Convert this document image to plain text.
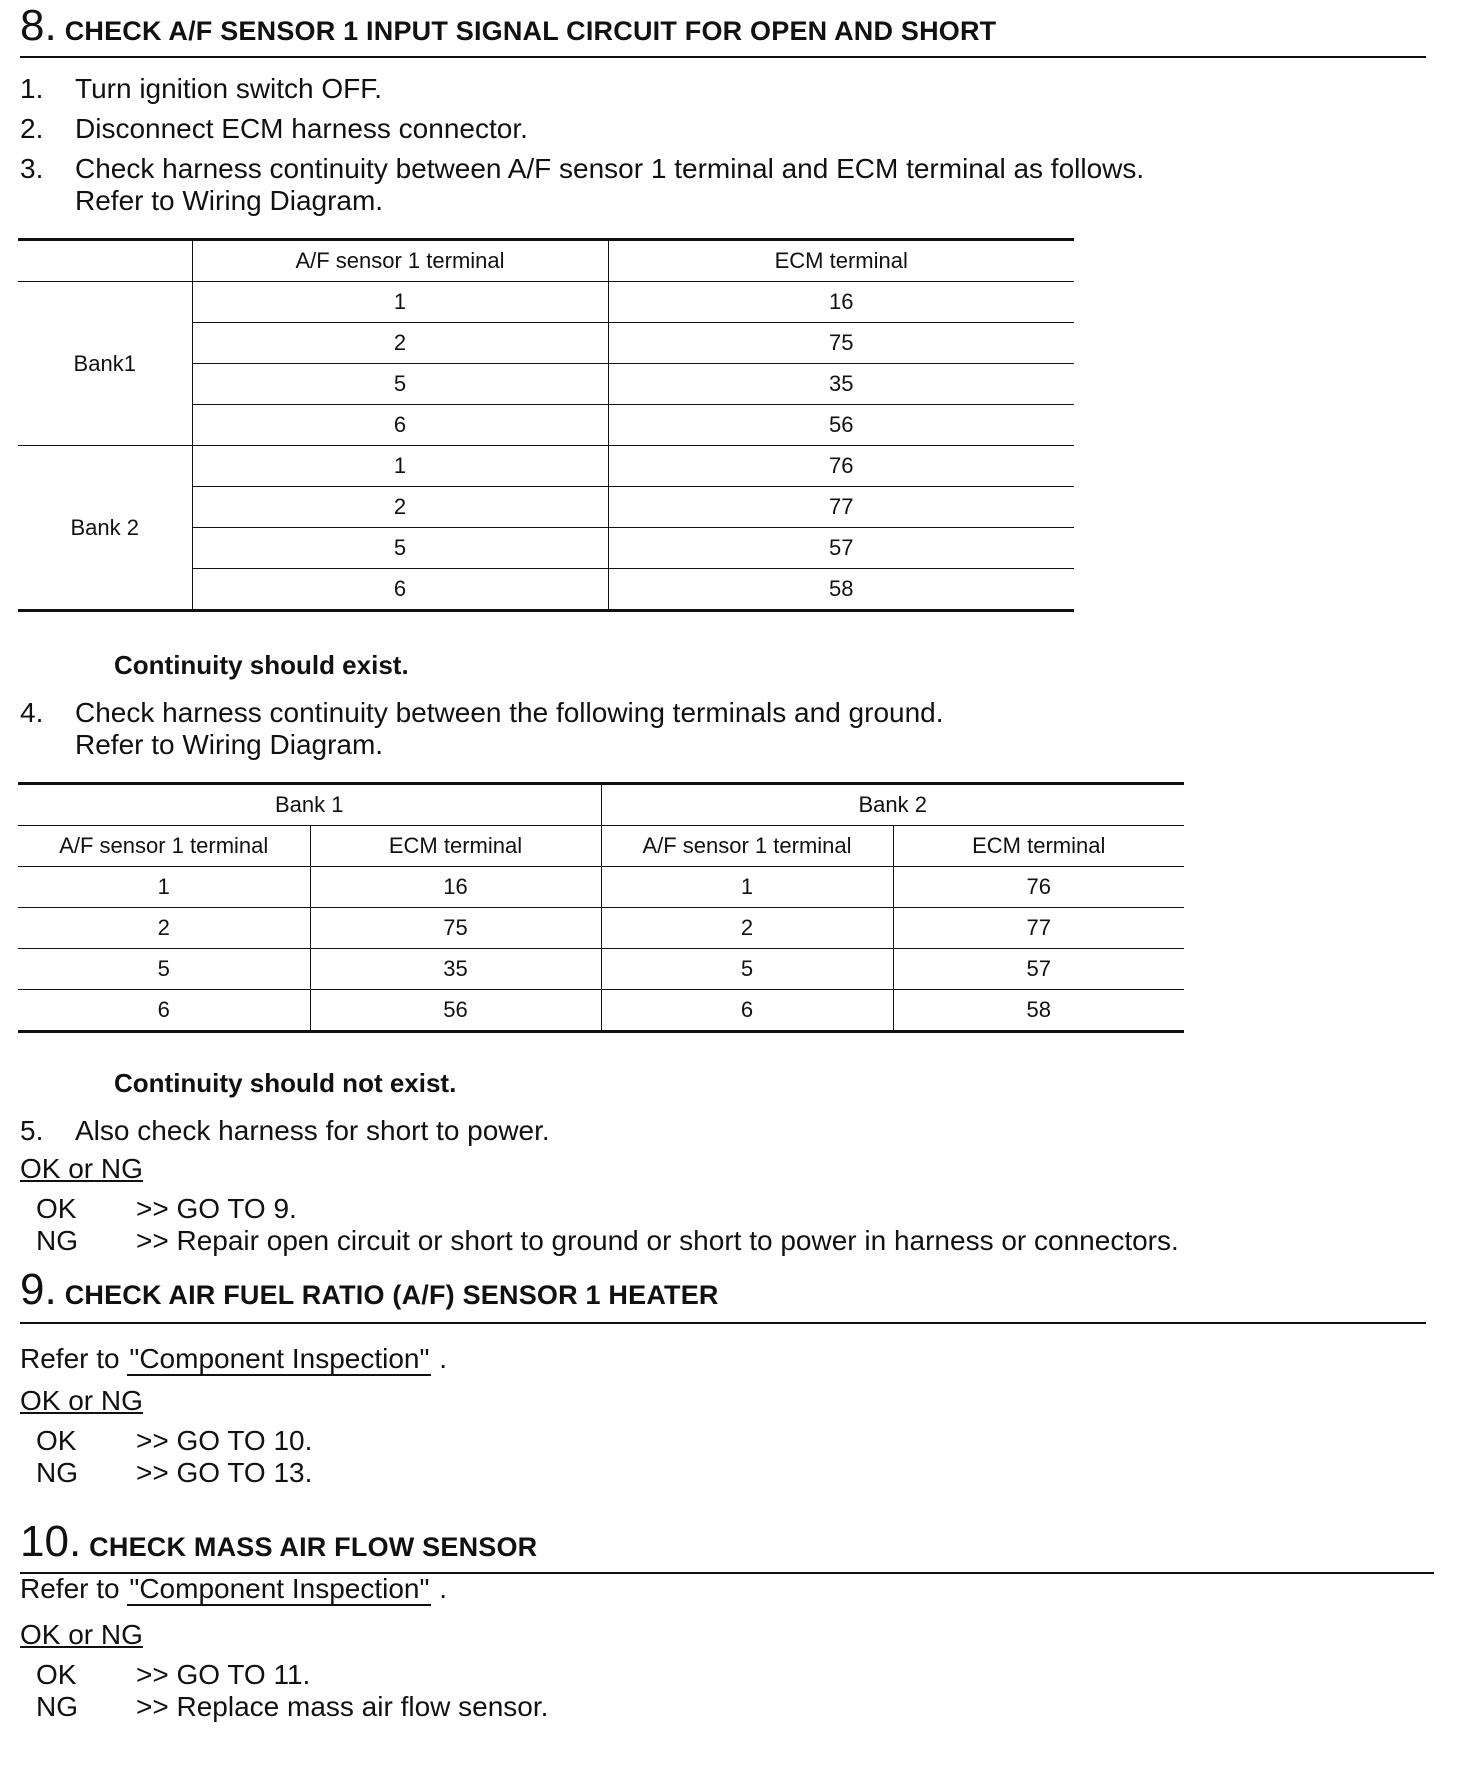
8. CHECK A/F SENSOR 1 INPUT SIGNAL CIRCUIT FOR OPEN AND SHORT
1. Turn ignition switch OFF.
2. Disconnect ECM harness connector.
3. Check harness continuity between A/F sensor 1 terminal and ECM terminal as follows.
Refer to Wiring Diagram.
	A/F sensor 1 terminal	ECM terminal
Bank1	1	16
	2	75
	5	35
	6	56
Bank 2	1	76
	2	77
	5	57
	6	58
Continuity should exist.
4. Check harness continuity between the following terminals and ground.
Refer to Wiring Diagram.
Bank 1		Bank 2	
A/F sensor 1 terminal	ECM terminal	A/F sensor 1 terminal	ECM terminal
1	16	1	76
2	75	2	77
5	35	5	57
6	56	6	58
Continuity should not exist.
5. Also check harness for short to power.
OK or NG
OK >> GO TO 9.
NG >> Repair open circuit or short to ground or short to power in harness or connectors.
9. CHECK AIR FUEL RATIO (A/F) SENSOR 1 HEATER
Refer to "Component Inspection" .
OK or NG
OK >> GO TO 10.
NG >> GO TO 13.
10. CHECK MASS AIR FLOW SENSOR
Refer to "Component Inspection" .
OK or NG
OK >> GO TO 11.
NG >> Replace mass air flow sensor.
